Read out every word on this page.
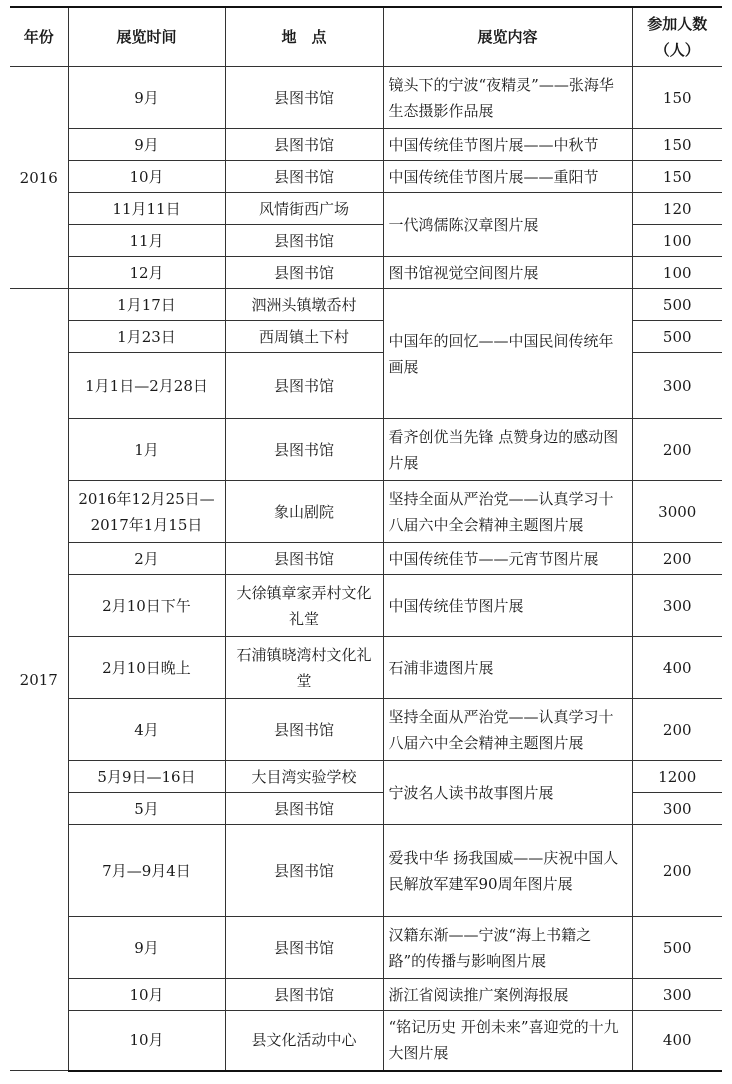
年份	展览时间	地　点	展览内容	参加人数
（人）
2016	9月	县图书馆	镜头下的宁波“夜精灵”——张海华生态摄影作品展	150
	9月	县图书馆	中国传统佳节图片展——中秋节	150
	10月	县图书馆	中国传统佳节图片展——重阳节	150
	11月11日	风情街西广场	一代鸿儒陈汉章图片展	120
	11月	县图书馆		100
	12月	县图书馆	图书馆视觉空间图片展	100
2017	1月17日	泗洲头镇墩岙村	中国年的回忆——中国民间传统年画展	500
	1月23日	西周镇土下村		500
	1月1日—2月28日	县图书馆		300
	1月	县图书馆	看齐创优当先锋 点赞身边的感动图片展	200
	2016年12月25日—2017年1月15日	象山剧院	坚持全面从严治党——认真学习十八届六中全会精神主题图片展	3000
	2月	县图书馆	中国传统佳节——元宵节图片展	200
	2月10日下午	大徐镇章家弄村文化礼堂	中国传统佳节图片展	300
	2月10日晚上	石浦镇晓湾村文化礼堂	石浦非遗图片展	400
	4月	县图书馆	坚持全面从严治党——认真学习十八届六中全会精神主题图片展	200
	5月9日—16日	大目湾实验学校	宁波名人读书故事图片展	1200
	5月	县图书馆		300
	7月—9月4日	县图书馆	爱我中华 扬我国威——庆祝中国人民解放军建军90周年图片展	200
	9月	县图书馆	汉籍东渐——宁波“海上书籍之路”的传播与影响图片展	500
	10月	县图书馆	浙江省阅读推广案例海报展	300
	10月	县文化活动中心	“铭记历史 开创未来”喜迎党的十九大图片展	400
